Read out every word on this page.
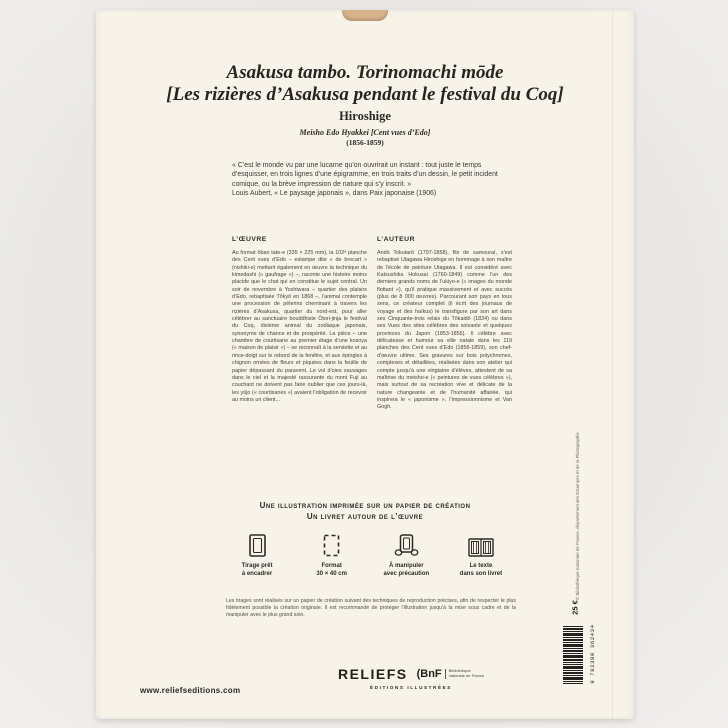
Asakusa tambo. Torinomachi mōde
[Les rizières d’Asakusa pendant le festival du Coq]
Hiroshige
Meisho Edo Hyakkei [Cent vues d’Edo]
(1856-1859)
« C’est le monde vu par une lucarne qu’on ouvrirait un instant : tout juste le temps d’esquisser, en trois lignes d’une épigramme, en trois traits d’un dessin, le petit incident comique, ou la brève impression de nature qui s’y inscrit. »
Louis Aubert, « Le paysage japonais », dans Paix japonaise (1906)
L’ŒUVRE
Au format ōban tate-e (335 × 225 mm), la 102ᵉ planche des Cent vues d’Edo – estampe dite « de brocart » (nishiki-e) mettant également en œuvre la technique du kimedashi (« gaufrage ») –, raconte une histoire moins placide que le chat qui en constitue le sujet central. Un soir de novembre à Yoshiwara – quartier des plaisirs d’Edo, rebaptisée Tōkyō en 1868 –, l’animal contemple une procession de pèlerins cheminant à travers les rizières d’Asakusa, quartier du nord-est, pour aller célébrer au sanctuaire bouddhiste Ōtori-jinja le festival du Coq, dixième animal du zodiaque japonais, synonyme de chance et de prospérité. La pièce – une chambre de courtisane au premier étage d’une kosoya (« maison de plaisir ») – se reconnaît à la serviette et au rince-doigt sur le rebord de la fenêtre, et aux épingles à chignon ornées de fleurs et piquées dans la feuille de papier dépassant du paravent. Le vol d’oies sauvages dans le ciel et la majesté rassurante du mont Fuji au couchant ne doivent pas faire oublier que ces jours-là, les yūjo (« courtisanes ») avaient l’obligation de recevoir au moins un client...
L’AUTEUR
Andō Tokutarō (1797-1858), fils de samouraï, s’est rebaptisé Utagawa Hiroshige en hommage à son maître de l’école de peinture Utagawa. Il est considéré avec Katsushika Hokusai (1760-1849) comme l’un des derniers grands noms de l’ukiyo-e (« images du monde flottant »), qu’il pratique massivement et avec succès (plus de 8 000 œuvres). Parcourant son pays en tous sens, ce créateur complet (il écrit des journaux de voyage et des haïkus) le transfigure par son art dans ses Cinquante-trois relais du Tōkaidō (1834) ou dans ses Vues des sites célèbres des soixante et quelques provinces du Japon (1853-1856). Il célèbre avec délicatesse et humour sa ville natale dans les 119 planches des Cent vues d’Edo (1856-1859), son chef-d’œuvre ultime. Ses gravures sur bois polychromes, complexes et détaillées, réalisées dans son atelier qui compte jusqu’à une vingtaine d’élèves, attestent de sa maîtrise du meisho-e (« peintures de vues célèbres »), mais surtout de sa recréation vive et délicate de la nature changeante et de l’humanité affairée, qui inspirera le « japonisme », l’impressionnisme et Van Gogh.
Une illustration imprimée sur un papier de création
Un livret autour de l’œuvre
Tirage prêt
à encadrer
Format
30 × 40 cm
À manipuler
avec précaution
Le texte
dans son livret
Les tirages sont réalisés sur un papier de création suivant des techniques de reproduction précises, afin de respecter le plus fidèlement possible la création originale. Il est recommandé de protéger l’illustration jusqu’à la mise sous cadre et de la manipuler avec le plus grand soin.
www.reliefseditions.com
RELIEFS (BnF Bibliothèque
nationale de France
ÉDITIONS ILLUSTRÉES
© Bibliothèque nationale de France, département des Estampes et de la Photographie
25 €
9 782380 362434
